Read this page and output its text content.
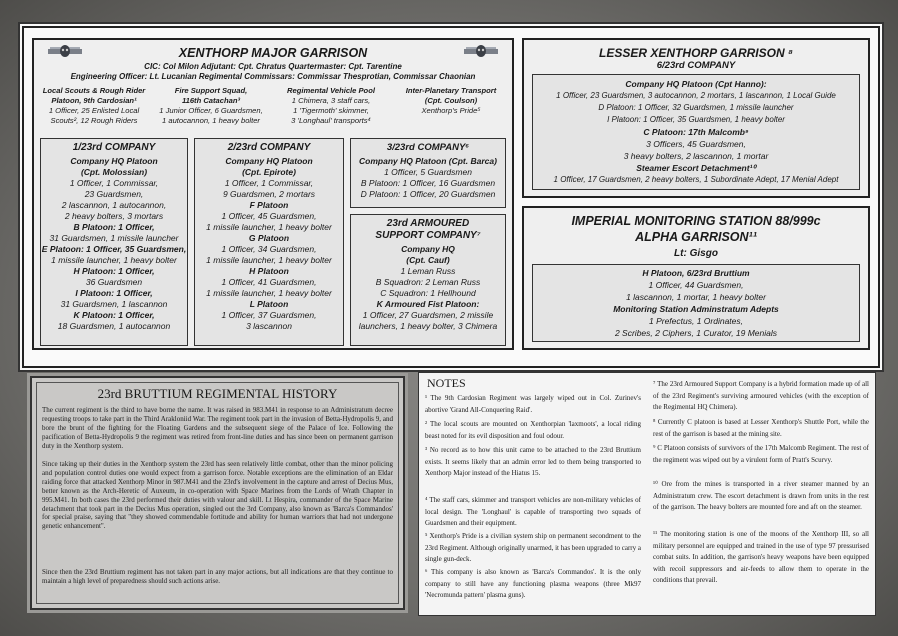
XENTHORP MAJOR GARRISON
CIC: Col Milon Adjutant: Cpt. Chratus Quartermaster: Cpt. Tarentine
Engineering Officer: Lt. Lucanian Regimental Commissars: Commissar Thesprotian, Commissar Chaonian
Local Scouts & Rough Rider
Platoon, 9th Cardosian¹
1 Officer, 25 Enlisted Local
Scouts², 12 Rough Riders
Fire Support Squad,
116th Catachan³
1 Junior Officer, 6 Guardsmen,
1 autocannon, 1 heavy bolter
Regimental Vehicle Pool
1 Chimera, 3 staff cars,
1 'Tigermoth' skimmer,
3 'Longhaul' transports⁴
Inter-Planetary Transport
(Cpt. Coulson)
Xenthorp's Pride⁵
1/23rd COMPANY
Company HQ Platoon
(Cpt. Molossian)
1 Officer, 1 Commissar,
23 Guardsmen,
2 lascannon, 1 autocannon,
2 heavy bolters, 3 mortars
B Platoon: 1 Officer,
31 Guardsmen, 1 missile launcher
E Platoon: 1 Officer, 35 Guardsmen,
1 missile launcher, 1 heavy bolter
H Platoon: 1 Officer,
36 Guardsmen
I Platoon: 1 Officer,
31 Guardsmen, 1 lascannon
K Platoon: 1 Officer,
18 Guardsmen, 1 autocannon
2/23rd COMPANY
Company HQ Platoon
(Cpt. Epirote)
1 Officer, 1 Commissar,
9 Guardsmen, 2 mortars
F Platoon
1 Officer, 45 Guardsmen,
1 missile launcher, 1 heavy bolter
G Platoon
1 Officer, 34 Guardsmen,
1 missile launcher, 1 heavy bolter
H Platoon
1 Officer, 41 Guardsmen,
1 missile launcher, 1 heavy bolter
L Platoon
1 Officer, 37 Guardsmen,
3 lascannon
3/23rd COMPANY⁶
Company HQ Platoon (Cpt. Barca)
1 Officer, 5 Guardsmen
B Platoon: 1 Officer, 16 Guardsmen
D Platoon: 1 Officer, 20 Guardsmen
23rd ARMOURED
SUPPORT COMPANY⁷
Company HQ
(Cpt. Cauf)
1 Leman Russ
B Squadron: 2 Leman Russ
C Squadron: 1 Hellhound
K Armoured Fist Platoon:
1 Officer, 27 Guardsmen, 2 missile
launchers, 1 heavy bolter, 3 Chimera
LESSER XENTHORP GARRISON ⁸
6/23rd COMPANY
Company HQ Platoon (Cpt Hanno):
1 Officer, 23 Guardsmen, 3 autocannon, 2 mortars, 1 lascannon, 1 Local Guide
D Platoon: 1 Officer, 32 Guardsmen, 1 missile launcher
I Platoon: 1 Officer, 35 Guardsmen, 1 heavy bolter
C Platoon: 17th Malcomb⁹
3 Officers, 45 Guardsmen,
3 heavy bolters, 2 lascannon, 1 mortar
Steamer Escort Detachment¹⁰
1 Officer, 17 Guardsmen, 2 heavy bolters, 1 Subordinate Adept, 17 Menial Adept
IMPERIAL MONITORING STATION 88/999c
ALPHA GARRISON¹¹
Lt: Gisgo
H Platoon, 6/23rd Bruttium
1 Officer, 44 Guardsmen,
1 lascannon, 1 mortar, 1 heavy bolter
Monitoring Station Adminstratum Adepts
1 Prefectus, 1 Ordinates,
2 Scribes, 2 Ciphers, 1 Curator, 19 Menials
23rd BRUTTIUM REGIMENTAL HISTORY

The current regiment is the third to have borne the name. It was raised in 983.M41 in response to an Administratum decree requesting troops to take part in the Third Arakloniid War. The regiment took part in the invasion of Betta-Hydropolis 9, and bore the brunt of the fighting for the Floating Gardens and the subsequent siege of the Palace of Ice. Following the pacification of Betta-Hydropolis 9 the regiment was retired from front-line duties and has since been on permanent garrison duty in the Xenthorp system.

Since taking up their duties in the Xenthorp system the 23rd has seen relatively little combat, other than the minor policing and population control duties one would expect from a garrison force. Notable exceptions are the elimination of an Eldar raiding force that attacked Xenthorp Minor in 987.M41 and the 23rd's involvement in the capture and arrest of Decius Mus, better known as the Arch-Heretic of Auxeum, in co-operation with Space Marines from the Lords of Wrath Chapter in 995.M41. In both cases the 23rd performed their duties with valour and skill. Lt Hespira, commander of the Space Marine detachment that took part in the Decius Mus operation, singled out the 3rd Company, also known as 'Barca's Commandos' for special praise, saying that "they showed commendable fortitude and ability for human warriors that had not undergone genetic enhancement".

Since then the 23rd Bruttium regiment has not taken part in any major actions, but all indications are that they continue to maintain a high level of preparedness should such actions arise.

NOTES
¹ The 9th Cardosian Regiment was largely wiped out in Col. Zurinev's abortive 'Grand All-Conquering Raid'.
² The local scouts are mounted on Xenthorpian 'laxmoots', a local riding beast noted for its evil disposition and foul odour.
³ No record as to how this unit came to be attached to the 23rd Bruttium exists. It seems likely that an admin error led to them being transported to Xenthorp Major instead of the Hiatus 15.
⁴ The staff cars, skimmer and transport vehicles are non-military vehicles of local design. The 'Longhaul' is capable of transporting two squads of Guardsmen and their equipment.
⁵ Xenthorp's Pride is a civilian system ship on permanent secondment to the 23rd Regiment. Although originally unarmed, it has been upgraded to carry a single gun-deck.
⁶ This company is also known as 'Barca's Commandos'. It is the only company to still have any functioning plasma weapons (three Mk97 'Necromunda pattern' plasma guns).
⁷ The 23rd Armoured Support Company is a hybrid formation made up of all of the 23rd Regiment's surviving armoured vehicles (with the exception of the Regimental HQ Chimera).
⁸ Currently C platoon is based at Lesser Xenthorp's Shuttle Port, while the rest of the garrison is based at the mining site.
⁹ C Platoon consists of survivors of the 17th Malcomb Regiment. The rest of the regiment was wiped out by a virulent form of Pratt's Scurvy.
¹⁰ Ore from the mines is transported in a river steamer manned by an Administratum crew. The escort detachment is drawn from units in the rest of the garrison. The heavy bolters are mounted fore and aft on the steamer.
¹¹ The monitoring station is one of the moons of the Xenthorp III, so all military personnel are equipped and trained in the use of type 97 pressurised combat suits. In addition, the garrison's heavy weapons have been equipped with recoil suppressors and air-feeds to allow them to operate in the conditions that prevail.
